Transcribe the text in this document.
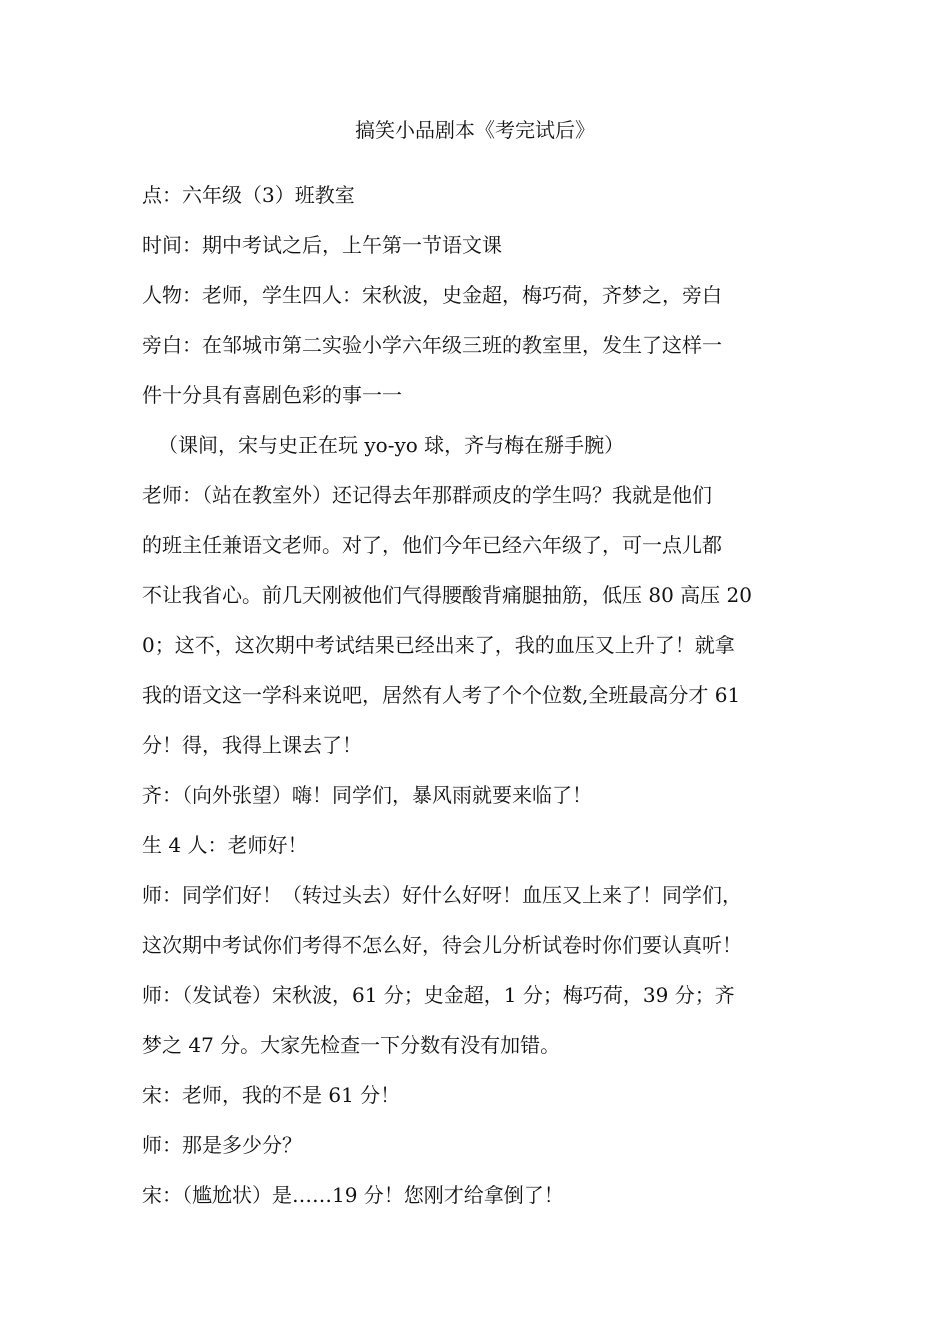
搞笑小品剧本《考完试后》

点：六年级（3）班教室

时间：期中考试之后，上午第一节语文课

人物：老师，学生四人：宋秋波，史金超，梅巧荷，齐梦之，旁白

旁白：在邹城市第二实验小学六年级三班的教室里，发生了这样一

件十分具有喜剧色彩的事一一

（课间，宋与史正在玩 yo-yo 球，齐与梅在掰手腕）

老师：（站在教室外）还记得去年那群顽皮的学生吗？我就是他们

的班主任兼语文老师。对了，他们今年已经六年级了，可一点儿都

不让我省心。前几天刚被他们气得腰酸背痛腿抽筋，低压 80 高压 20

0；这不，这次期中考试结果已经出来了，我的血压又上升了！就拿

我的语文这一学科来说吧，居然有人考了个个位数,全班最高分才 61

分！得，我得上课去了！

齐：（向外张望）嗨！同学们，暴风雨就要来临了！

生 4 人：老师好！

师：同学们好！（转过头去）好什么好呀！血压又上来了！同学们，

这次期中考试你们考得不怎么好，待会儿分析试卷时你们要认真听！

师：（发试卷）宋秋波，61 分；史金超，1 分；梅巧荷，39 分；齐

梦之 47 分。大家先检查一下分数有没有加错。

宋：老师，我的不是 61 分！

师：那是多少分？

宋：（尴尬状）是……19 分！您刚才给拿倒了！
